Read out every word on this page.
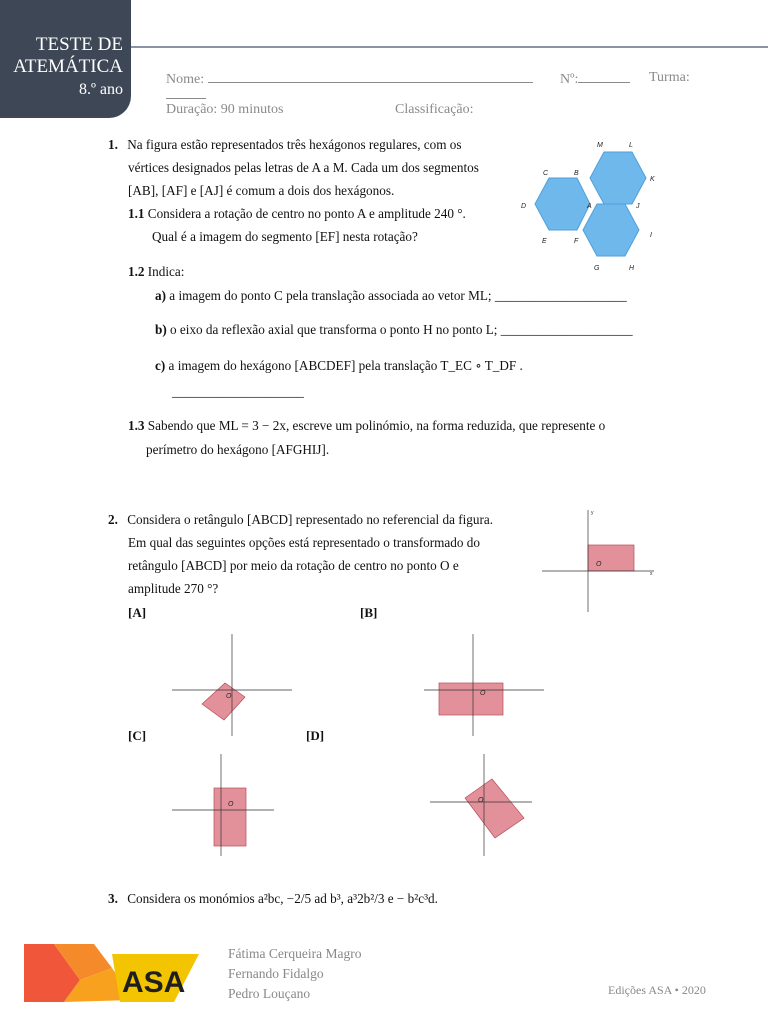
TESTE DE
ATEMÁTICA
8.º ano
Nome:	Nº:	Turma:
Duração: 90 minutos	Classificação:
1. Na figura estão representados três hexágonos regulares, com os
vértices designados pelas letras de A a M. Cada um dos segmentos
[AB], [AF] e [AJ] é comum a dois dos hexágonos.
1.1 Considera a rotação de centro no ponto A e amplitude 240 °.
Qual é a imagem do segmento [EF] nesta rotação?
M	L
C	B
K
D	A	J
E	F
I
G	H
1.2 Indica:
a) a imagem do ponto C pela translação associada ao vetor ML; ____________________
b) o eixo da reflexão axial que transforma o ponto H no ponto L; ____________________
c) a imagem do hexágono [ABCDEF] pela translação T_EC ∘ T_DF .
____________________
1.3 Sabendo que ML = 3 − 2x, escreve um polinómio, na forma reduzida, que represente o
perímetro do hexágono [AFGHIJ].
2. Considera o retângulo [ABCD] representado no referencial da figura.
Em qual das seguintes opções está representado o transformado do
retângulo [ABCD] por meio da rotação de centro no ponto O e
amplitude 270 °?
x
y
O
[A]	[B]
[C]	[D]
O	O
O
O
3. Considera os monómios a²bc, −2/5 ad b³, a³2b²/3 e − b²c³d.
ASA
Fátima Cerqueira Magro
Fernando Fidalgo
Pedro Louçano	Edições ASA • 2020
